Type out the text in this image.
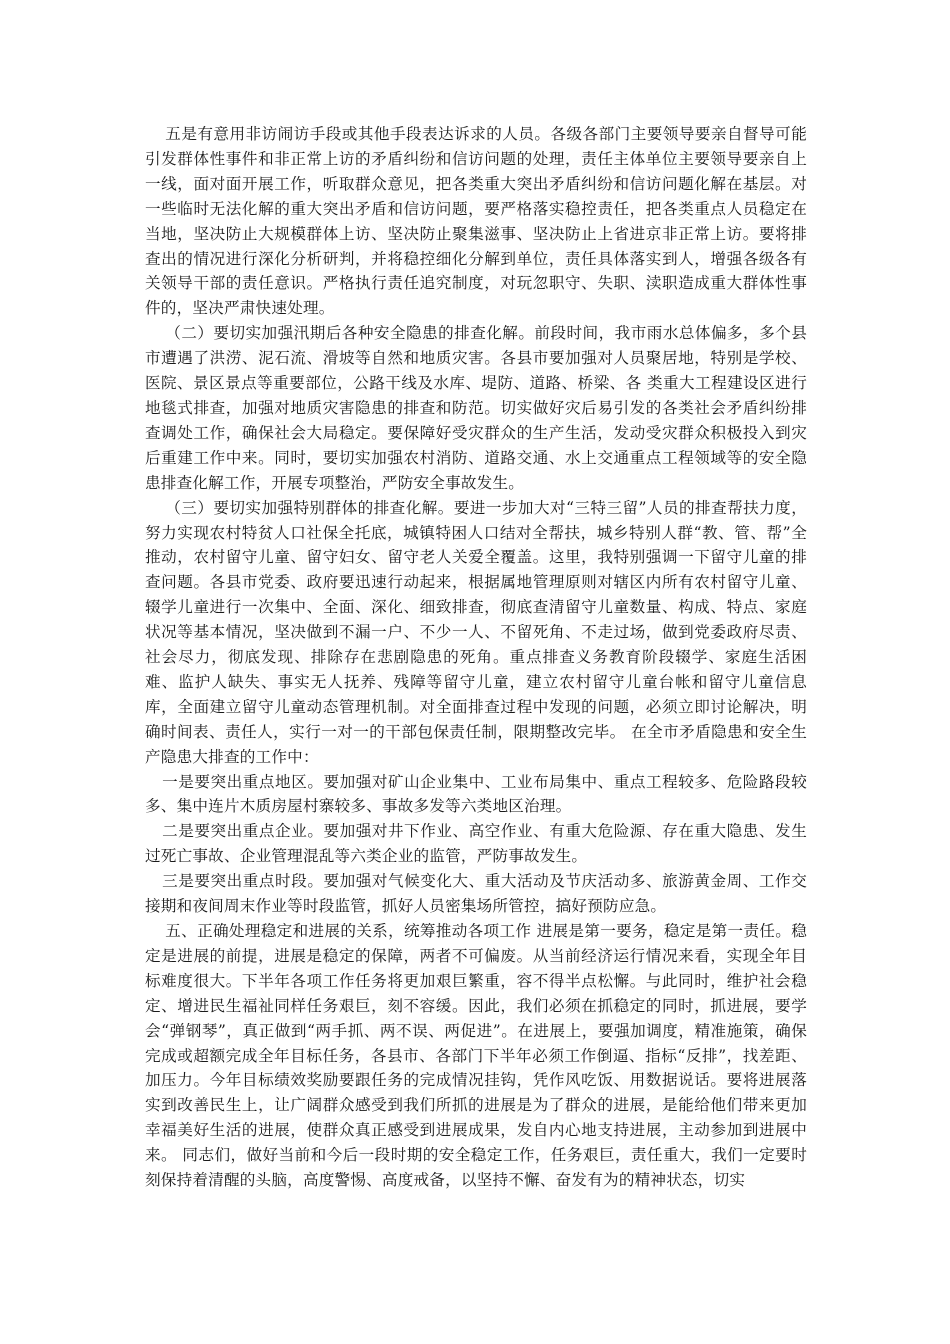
五是有意用非访闹访手段或其他手段表达诉求的人员。各级各部门主要领导要亲自督导可能引发群体性事件和非正常上访的矛盾纠纷和信访问题的处理，责任主体单位主要领导要亲自上一线，面对面开展工作，听取群众意见，把各类重大突出矛盾纠纷和信访问题化解在基层。对一些临时无法化解的重大突出矛盾和信访问题，要严格落实稳控责任，把各类重点人员稳定在当地，坚决防止大规模群体上访、坚决防止聚集滋事、坚决防止上省进京非正常上访。要将排查出的情况进行深化分析研判，并将稳控细化分解到单位，责任具体落实到人，增强各级各有关领导干部的责任意识。严格执行责任追究制度，对玩忽职守、失职、渎职造成重大群体性事件的，坚决严肃快速处理。

（二）要切实加强汛期后各种安全隐患的排查化解。前段时间，我市雨水总体偏多，多个县市遭遇了洪涝、泥石流、滑坡等自然和地质灾害。各县市要加强对人员聚居地，特别是学校、医院、景区景点等重要部位，公路干线及水库、堤防、道路、桥梁、各 类重大工程建设区进行地毯式排查，加强对地质灾害隐患的排查和防范。切实做好灾后易引发的各类社会矛盾纠纷排查调处工作，确保社会大局稳定。要保障好受灾群众的生产生活，发动受灾群众积极投入到灾后重建工作中来。同时，要切实加强农村消防、道路交通、水上交通重点工程领域等的安全隐患排查化解工作，开展专项整治，严防安全事故发生。

（三）要切实加强特别群体的排查化解。要进一步加大对“三特三留”人员的排查帮扶力度，努力实现农村特贫人口社保全托底，城镇特困人口结对全帮扶，城乡特别人群“教、管、帮”全推动，农村留守儿童、留守妇女、留守老人关爱全覆盖。这里，我特别强调一下留守儿童的排查问题。各县市党委、政府要迅速行动起来，根据属地管理原则对辖区内所有农村留守儿童、辍学儿童进行一次集中、全面、深化、细致排查，彻底查清留守儿童数量、构成、特点、家庭状况等基本情况，坚决做到不漏一户、不少一人、不留死角、不走过场，做到党委政府尽责、社会尽力，彻底发现、排除存在悲剧隐患的死角。重点排查义务教育阶段辍学、家庭生活困难、监护人缺失、事实无人抚养、残障等留守儿童，建立农村留守儿童台帐和留守儿童信息库，全面建立留守儿童动态管理机制。对全面排查过程中发现的问题，必须立即讨论解决，明确时间表、责任人，实行一对一的干部包保责任制，限期整改完毕。 在全市矛盾隐患和安全生产隐患大排查的工作中：

一是要突出重点地区。要加强对矿山企业集中、工业布局集中、重点工程较多、危险路段较多、集中连片木质房屋村寨较多、事故多发等六类地区治理。

二是要突出重点企业。要加强对井下作业、高空作业、有重大危险源、存在重大隐患、发生过死亡事故、企业管理混乱等六类企业的监管，严防事故发生。

三是要突出重点时段。要加强对气候变化大、重大活动及节庆活动多、旅游黄金周、工作交接期和夜间周末作业等时段监管，抓好人员密集场所管控，搞好预防应急。

五、正确处理稳定和进展的关系，统筹推动各项工作 进展是第一要务，稳定是第一责任。稳定是进展的前提，进展是稳定的保障，两者不可偏废。从当前经济运行情况来看，实现全年目标难度很大。下半年各项工作任务将更加艰巨繁重，容不得半点松懈。与此同时，维护社会稳定、增进民生福祉同样任务艰巨，刻不容缓。因此，我们必须在抓稳定的同时，抓进展，要学会“弹钢琴”，真正做到“两手抓、两不误、两促进”。在进展上，要强加调度，精准施策，确保完成或超额完成全年目标任务，各县市、各部门下半年必须工作倒逼、指标“反排”，找差距、加压力。今年目标绩效奖励要跟任务的完成情况挂钩，凭作风吃饭、用数据说话。要将进展落实到改善民生上，让广阔群众感受到我们所抓的进展是为了群众的进展，是能给他们带来更加 幸福美好生活的进展，使群众真正感受到进展成果，发自内心地支持进展，主动参加到进展中来。 同志们，做好当前和今后一段时期的安全稳定工作，任务艰巨，责任重大，我们一定要时刻保持着清醒的头脑，高度警惕、高度戒备，以坚持不懈、奋发有为的精神状态，切实
